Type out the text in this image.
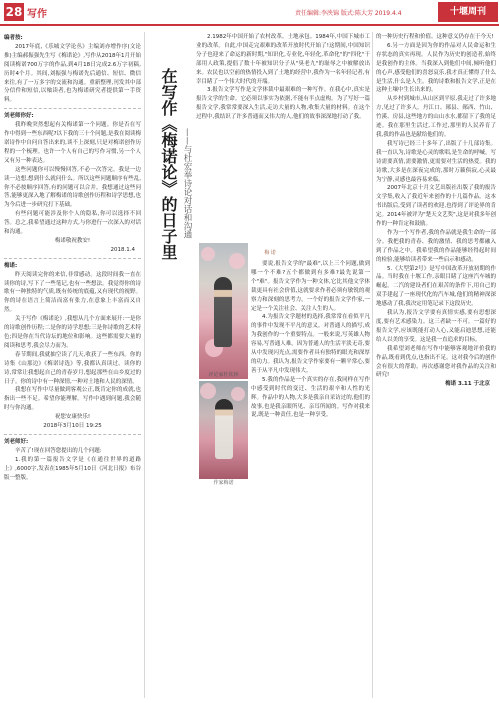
28 写作	责任编辑:李泱锦 版式:陈大芳 2019.4.4	十堰周刊

编者按:

2017年底,《乐城文学论丛》主编刘亦增作序(文论推)主编郝振强先生写《梅诺论》,写作从2018年1月开始阅读梅诺700万字的作品,到4月18日完成2.6万字初稿,历时4个月。其间,刘振强与梅诺先后通信、短信、微信来往,有了一万多字的交流和沟通。重新整理,刊发其中部分信件和短信,以飨读者,也为梅诺研究者提供第一手资料。

刘老师你好:

我昨晚突然想起有关梅诺第一个问题。你是否在写作中得到一些东西呢?以下我的三十个问题,是我在阅读梅诺诗作中自问自答出来的,谈不上深刻,只是对梅诺创作历程的一个梳理。也许一个人有自己的写作习惯,另一个人又有另一种表达。

这些问题你可以慢慢回答,不必一次答完。我是一边读一边想,想到什么就问什么。所以这些问题顺序有些乱,你不必按顺序回答,有的问题可以合并。我想通过这些问答,能够更深入地了解梅诺的诗歌创作历程和诗学思想,也为今后进一步研究打下基础。

有些问题可能涉及你个人的隐私,你可以选择不回答。总之,我希望通过这种方式,与你进行一次深入的对话和沟通。

梅诺敬祝教安!

2018.1.4

梅诺:

昨天阅读完你的来信,非常感动。这段时间我一直在读你的诗,写下了一些笔记,也有一些想法。我觉得你的诗歌有一种独特的气质,既有传统的底蕴,又有现代的视野。你的诗在语言上简洁而富有张力,在意象上丰富而又自然。

关于写作《梅诺论》,我想从几个方面来展开:一是你的诗歌创作历程;二是你的诗学思想;三是你诗歌的艺术特色;四是你在当代诗坛的地位和影响。这些都需要大量的阅读和思考,我会尽力而为。

春节期间,我就抽空读了几天,收获了一些东西。你的诗集《山那边》《梅诺诗选》等,我都认真读过。读你的诗,常常让我想起自己的青春岁月,想起那些在山乡度过的日子。你的诗中有一种深情,一种对土地和人民的深情。

我想在写作中尽量做到客观公正,既肯定你的成就,也指出一些不足。希望你能理解。写作中遇到问题,我会随时与你沟通。

祝您安康快乐!

2018年3月10日 19:25

刘老师好:

辛苦了!现在回答您提出的几个问题:

1.我的第一篇报告文学是《在通往世界的道路上》,6000字,发表在1985年5月10日《河北日报》布谷版一整版。

在写作《梅诺论》的日子里 ——与杜宏举诗论对话和沟通
梅 诺
评论家杜钦林
作家梅诺

2.1982年中国开始了农村改革。土地承包。1984年,中国下城市工业的改革。自此,中国走完艰难的改革开放时代开始了!这期间,中国知识分子也迎来了命运的新时期,"知识化,专业化,年轻化,革命化"的"四化"干部用人政策,提倡了数十年被知识分子从"臭老九"的耻辱之中被解放出来。农民也以空前的热情投入到了土地的经营中,我作为一名年轻记者,有幸目睹了一个伟大时代的开端。

3.报告文学写作是文学体裁中最艰难的一种写作。在我心中,真实是报告文学的生命。它必须以事实为依据,不能有半点虚构。为了写好一篇报告文学,我常常要深入生活,走访大量的人物,收集大量的材料。在这个过程中,我结识了许多普通而又伟大的人,他们的故事深深地打动了我。

要说,报告文学的"最难",以上三个问题,做到哪一个不难?五个都做到有多难?最先说第一个"难"。报告文学作为一种文体,它比其他文学体裁更具有社会价值,这就要求作者必须有敏锐的观察力和深刻的思考力。一个好的报告文学作家,一定是一个关注社会、关注人生的人。

4.为报告文学题材的选择,我常常在看似平凡的事件中发现不平凡的意义。对普通人的描写,成为我创作的一个重要特点。一般来说,写英雄人物容易,写普通人难。因为普通人的生活平淡无奇,要从中发现闪光点,需要作者具有独特的眼光和深厚的功力。我认为,报告文学作家要有一颗平常心,要善于从平凡中发现伟大。

5.我的作品是一个真实的存在,我同样在写作中感受到时代的变迁、生活的艰辛和人性的光辉。作品中的人物,大多是我亲自采访过的,他们的故事,也是我亲眼所见、亲耳所闻的。写作对我来说,既是一种责任,也是一种享受。

的一种历史行程和价值。这种意义仍存在于今天!

6.另一方面是因为你的作品对人民命运和生存状态的真实再现。人民作为历史的创造者,始终是我创作的主体。当我深入到他们中间,倾听他们的心声,感受他们的喜怒哀乐,我才真正懂得了什么是生活,什么是人生。我的诗歌和报告文学,正是在这种土壤中生长出来的。

从乡村到城市,从山区到平原,我走过了许多地方,见过了许多人。丹江口、郧县、郧西、竹山、竹溪、房县,这些地方的山山水水,都留下了我的足迹。我在那里生活过,工作过,那里的人民养育了我,我的作品也是献给他们的。

我写诗已经三十多年了,出版了十几部诗集。我一直认为,诗歌是心灵的歌唱,是生命的呼喊。写诗需要真情,需要激情,更需要对生活的热爱。我的诗歌,大多是在深夜完成的,那时万籁俱寂,心灵最为宁静,灵感也最容易来临。

2007年北京十月文艺出版社出版了我的报告文学集,收入了我近年来创作的十几篇作品。这本书出版后,受到了读者的欢迎,也得到了评论界的肯定。2014年被评为"楚天文艺奖",这是对我多年创作的一种肯定和鼓励。

作为一个写作者,我的作品就是我生命的一部分。我把我的青春、我的激情、我的思考都融入到了作品之中。我希望我的作品能够经得起时间的检验,能够给读者带来一些启示和感动。

5.《大型第2号》是写中国改革开放初期的作品。当时我在十堰工作,亲眼目睹了这座汽车城的崛起。二汽的建设者们在艰苦的条件下,用自己的双手建起了一座现代化的汽车城,他们的精神深深地感动了我,我决定用笔记录下这段历史。

我认为,报告文学要有真情实感,要有思想深度,要有艺术感染力。这三者缺一不可。一篇好的报告文学,应该既能打动人心,又能启迪思想,还能给人以美的享受。这是我一直追求的目标。

我希望刘老师在写作中能够客观地评价我的作品,既看到优点,也指出不足。这对我今后的创作会有很大的帮助。再次感谢您对我作品的关注和研究!

梅诺 3.11 于北京
